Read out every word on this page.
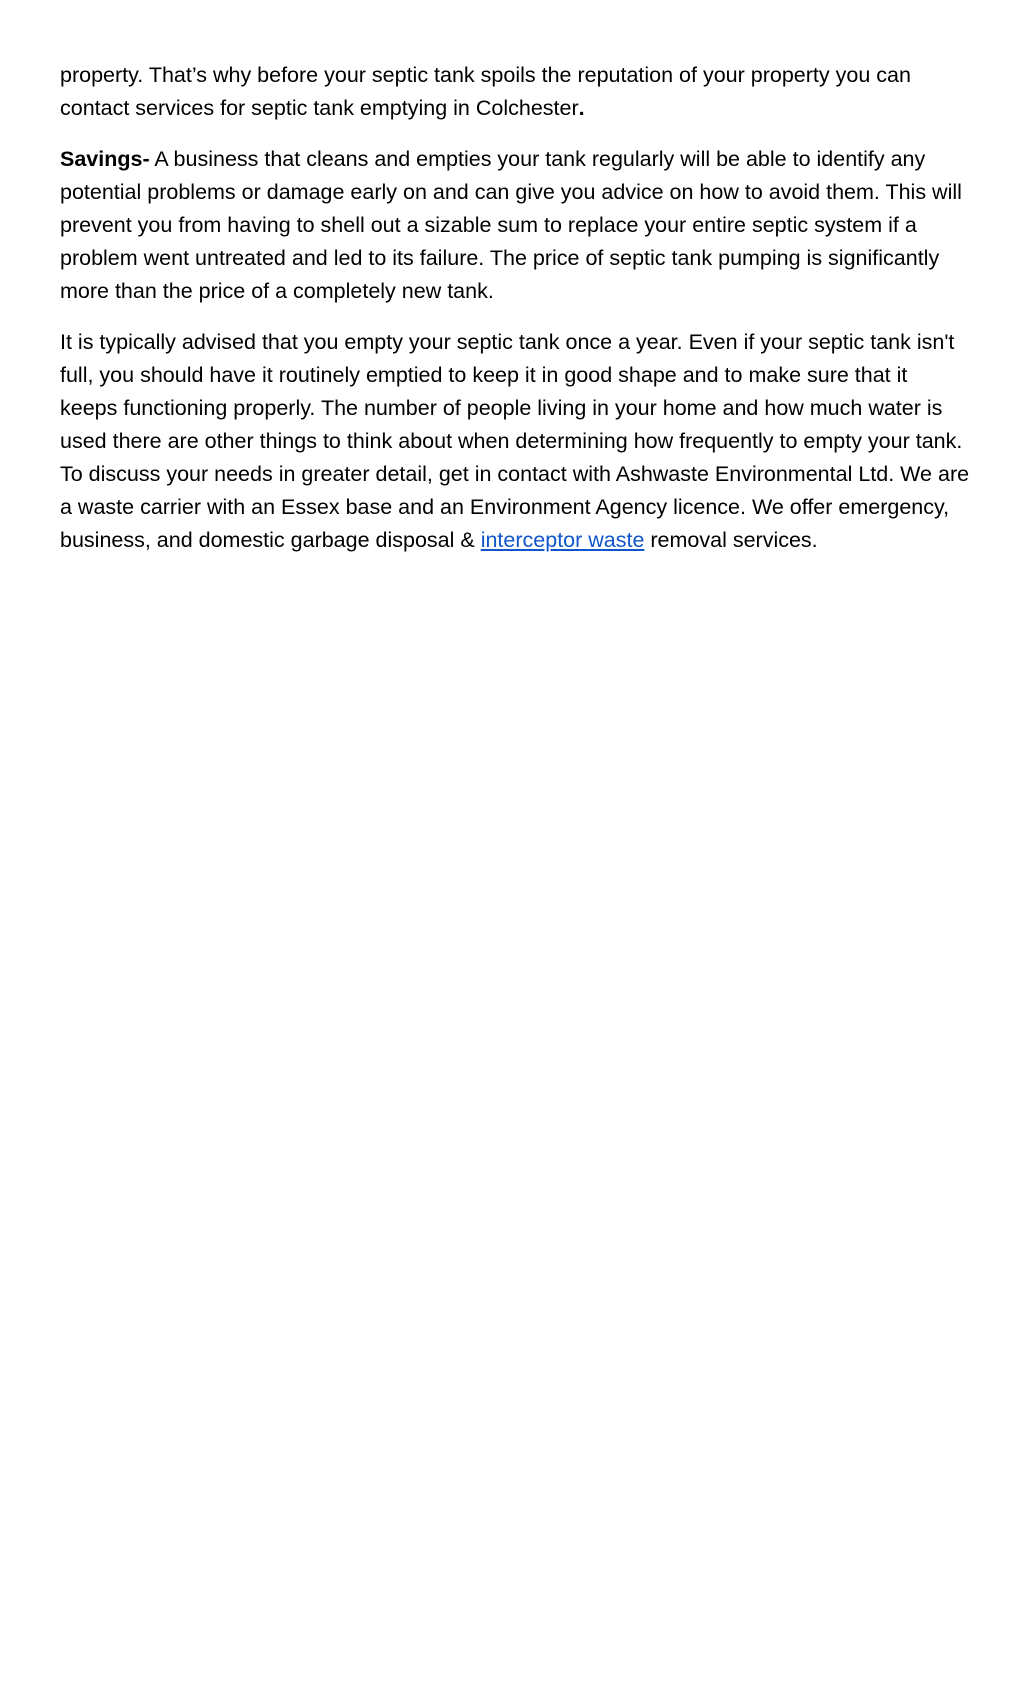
property. That’s why before your septic tank spoils the reputation of your property you can contact services for septic tank emptying in Colchester.

Savings- A business that cleans and empties your tank regularly will be able to identify any potential problems or damage early on and can give you advice on how to avoid them. This will prevent you from having to shell out a sizable sum to replace your entire septic system if a problem went untreated and led to its failure. The price of septic tank pumping is significantly more than the price of a completely new tank.

It is typically advised that you empty your septic tank once a year. Even if your septic tank isn't full, you should have it routinely emptied to keep it in good shape and to make sure that it keeps functioning properly. The number of people living in your home and how much water is used there are other things to think about when determining how frequently to empty your tank. To discuss your needs in greater detail, get in contact with Ashwaste Environmental Ltd. We are a waste carrier with an Essex base and an Environment Agency licence. We offer emergency, business, and domestic garbage disposal & interceptor waste removal services.
